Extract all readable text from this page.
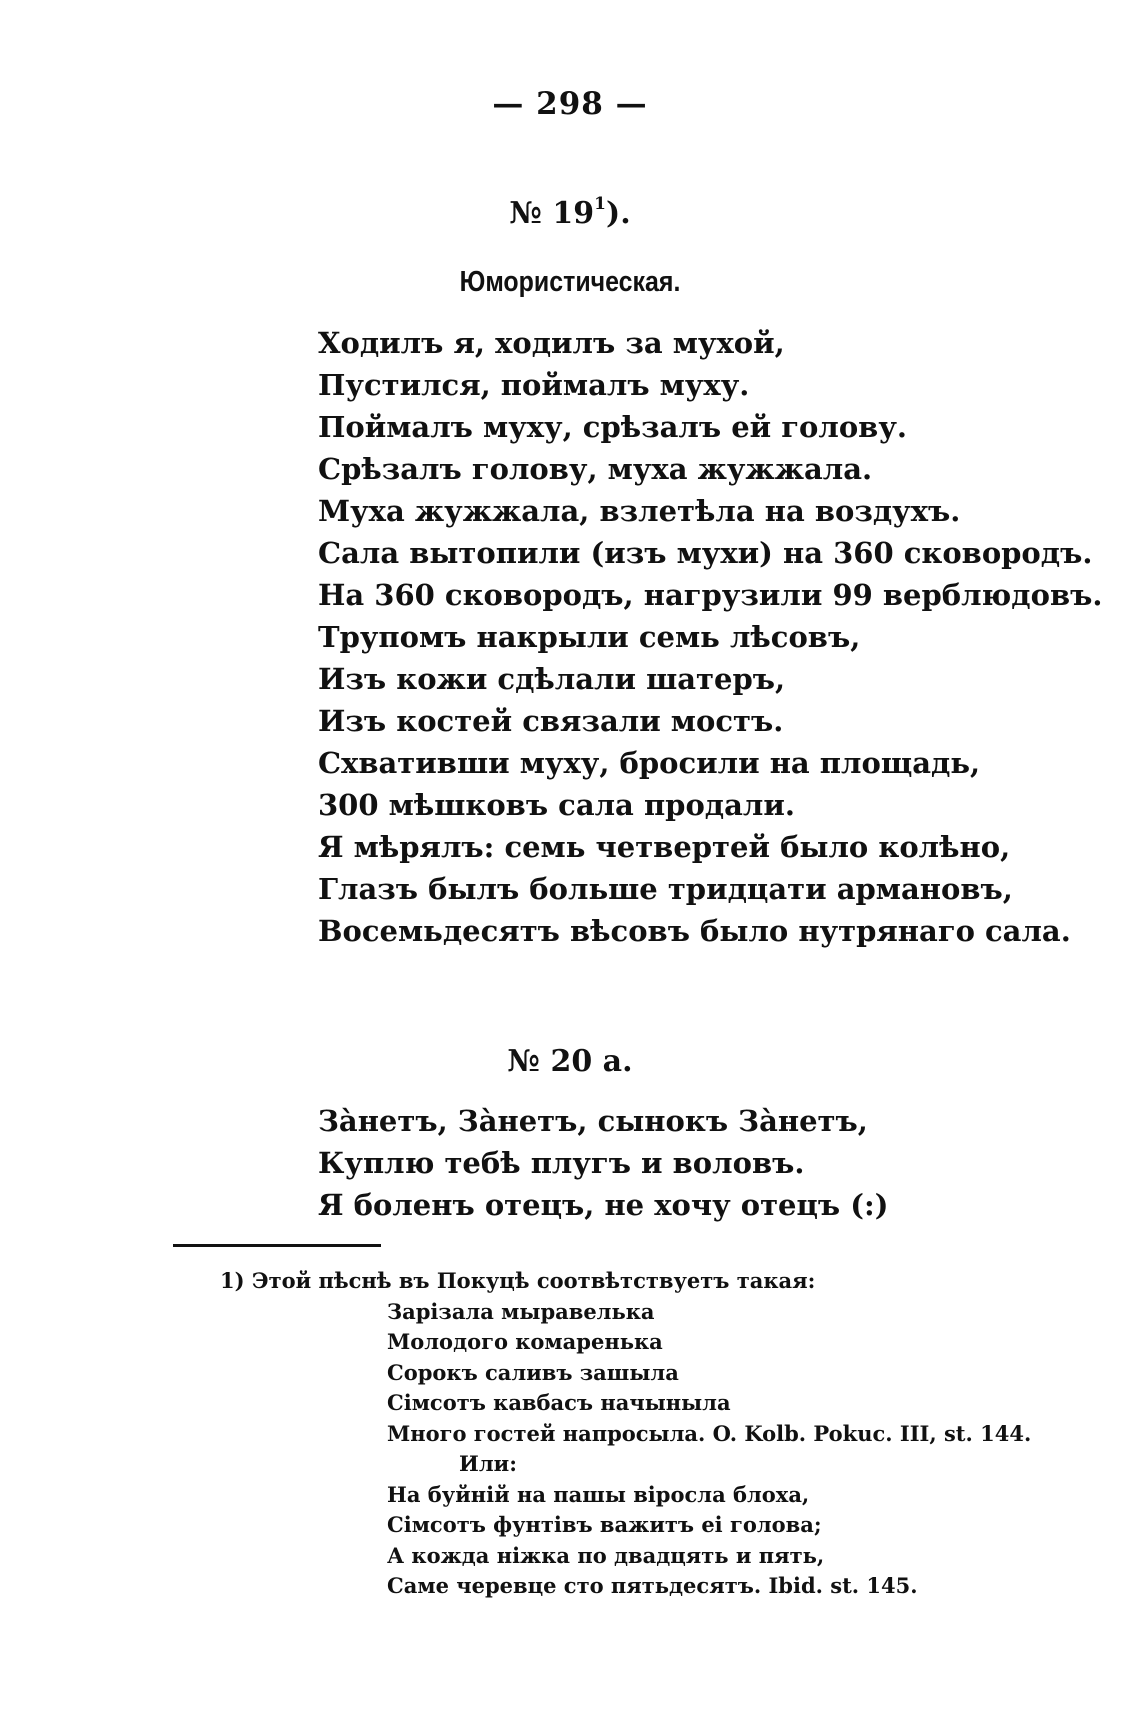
— 298 —
№ $19^1$).
Юмористическая.
Ходилъ я, ходилъ за мухой,
Пустился, поймалъ муху.
Поймалъ муху, срѣзалъ ей голову.
Срѣзалъ голову, муха жужжала.
Муха жужжала, взлетѣла на воздухъ.
Сала вытопили (изъ мухи) на 360 сковородъ.
На 360 сковородъ, нагрузили 99 верблюдовъ.
Трупомъ накрыли семь лѣсовъ,
Изъ кожи сдѣлали шатеръ,
Изъ костей связали мостъ.
Схвативши муху, бросили на площадь,
300 мѣшковъ сала продали.
Я мѣрялъ: семь четвертей было колѣно,
Глазъ былъ больше тридцати армановъ,
Восемьдесятъ вѣсовъ было нутрянаго сала.
№ 20 а.
Зàнетъ, Зàнетъ, сынокъ Зàнетъ,
Куплю тебѣ плугъ и воловъ.
Я боленъ отецъ, не хочу отецъ (:)
1) Этой пѣснѣ въ Покуцѣ соотвѣтствуетъ такая:
Зарізала мыравелька
Молодого комаренька
Сорокъ саливъ зашыла
Сімсотъ кавбасъ начыныла
Много гостей напросыла. O. Kolb. Pokuc. III, st. 144.
Или:
На буйній на пашы віросла блоха,
Сімсотъ фунтівъ важитъ еі голова;
А кожда ніжка по двадцять и пять,
Саме черевце сто пятьдесятъ. Ibid. st. 145.
